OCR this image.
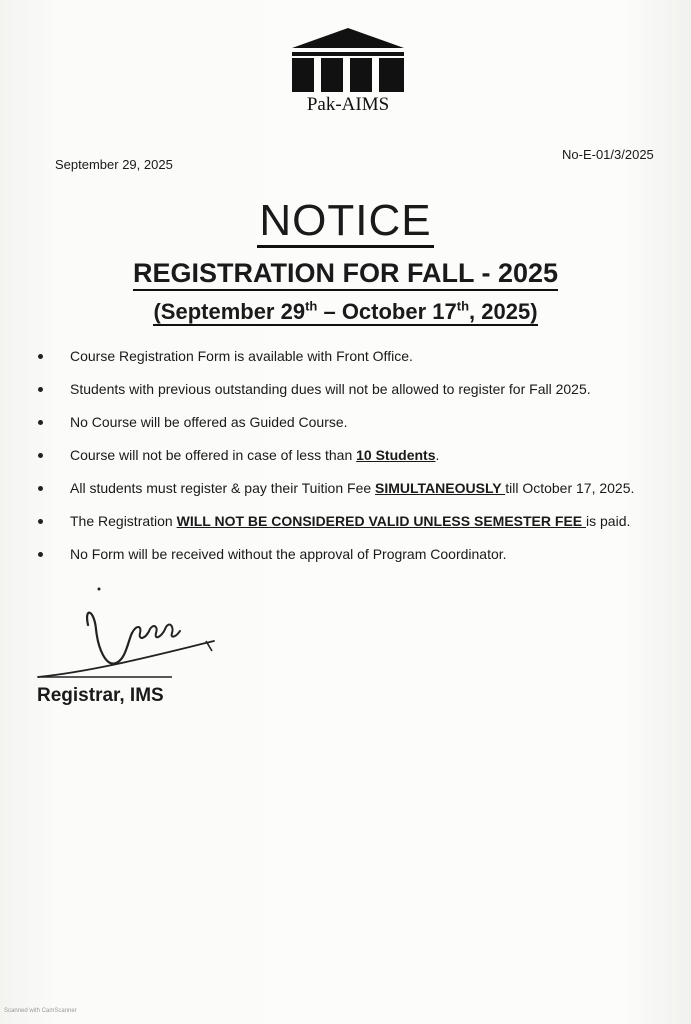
Pak-AIMS
September 29, 2025
No-E-01/3/2025
NOTICE
REGISTRATION FOR FALL - 2025
(September 29th – October 17th, 2025)
Course Registration Form is available with Front Office.
Students with previous outstanding dues will not be allowed to register for Fall 2025.
No Course will be offered as Guided Course.
Course will not be offered in case of less than 10 Students.
All students must register & pay their Tuition Fee SIMULTANEOUSLY till October 17, 2025.
The Registration WILL NOT BE CONSIDERED VALID UNLESS SEMESTER FEE is paid.
No Form will be received without the approval of Program Coordinator.
Registrar, IMS
Scanned with CamScanner
